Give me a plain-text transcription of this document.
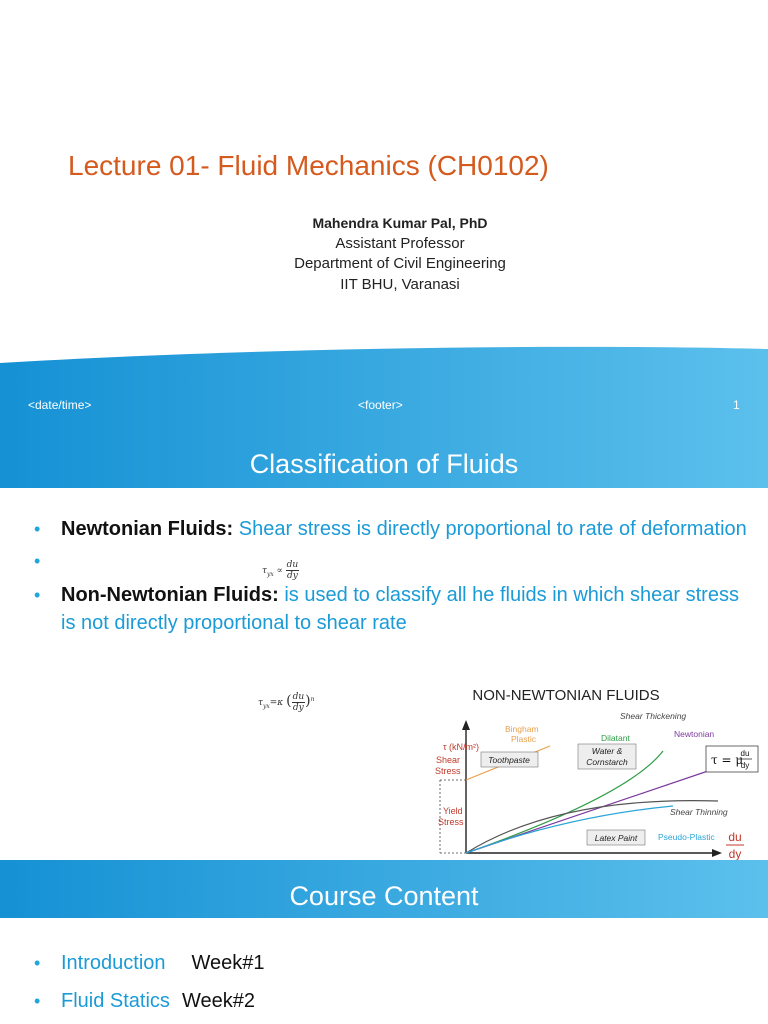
Lecture 01- Fluid Mechanics (CH0102)
Mahendra Kumar Pal, PhD
Assistant Professor
Department of Civil Engineering
IIT BHU, Varanasi
<date/time>	<footer>	1
Classification of Fluids
• Newtonian Fluids: Shear stress is directly proportional to rate of deformation
•

• Non-Newtonian Fluids: is used to classify all he fluids in which shear stress is not directly proportional to shear rate
$\tau_{yx} \propto \frac{du}{dy}$
$\tau_{yx}=\kappa$ ( $\frac{du}{dy})^n$	NON-NEWTONIAN FLUIDS
τ (kN/m²)
Shear
Stress
Yield
Stress
du
dy
Bingham
Plastic
Shear Thickening
Dilatant	Newtonian
Shear Thinning
Pseudo-Plastic
Toothpaste
Water &
Cornstarch
Latex Paint
τ = μ
du
dy
Course Content
• Introduction Week#1
• Fluid Statics Week#2
